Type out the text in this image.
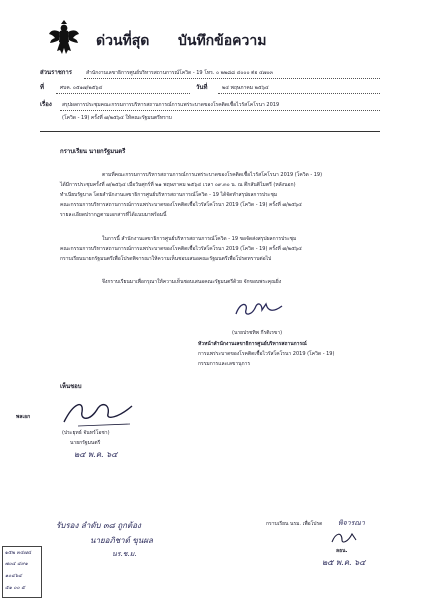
ด่วนที่สุด บันทึกข้อความ
ส่วนราชการ	สำนักงานเลขาธิการศูนย์บริหารสถานการณ์โควิด - 19 โทร. ๐ ๒๒๘๘ ๔๐๐๐ ต่อ ๔๗๐๓
ที่	ศบค. ๐๕๑๗/๒๕๖๔	วันที่	๒๔ พฤษภาคม ๒๕๖๔
เรื่อง สรุปผลการประชุมคณะกรรมการบริหารสถานการณ์การแพร่ระบาดของโรคติดเชื้อไวรัสโคโรนา 2019
(โควิด - 19) ครั้งที่ ๗/๒๕๖๔ ให้คณะรัฐมนตรีทราบ
กราบเรียน นายกรัฐมนตรี
ตามที่คณะกรรมการบริหารสถานการณ์การแพร่ระบาดของโรคติดเชื้อไวรัสโคโรนา 2019 (โควิด - 19)
ได้มีการประชุมครั้งที่ ๗/๒๕๖๔ เมื่อวันศุกร์ที่ ๒๑ พฤษภาคม ๒๕๖๔ เวลา ๐๙.๓๐ น. ณ ตึกสันติไมตรี (หลังนอก)
ทำเนียบรัฐบาล โดยสำนักงานเลขาธิการศูนย์บริหารสถานการณ์โควิด - 19 ได้จัดทำสรุปผลการประชุม
คณะกรรมการบริหารสถานการณ์การแพร่ระบาดของโรคติดเชื้อไวรัสโคโรนา 2019 (โควิด - 19) ครั้งที่ ๗/๒๕๖๔
รายละเอียดปรากฏตามเอกสารที่ได้แนบมาพร้อมนี้
ในการนี้ สำนักงานเลขาธิการศูนย์บริหารสถานการณ์โควิด - 19 ขอจัดส่งสรุปผลการประชุม
คณะกรรมการบริหารสถานการณ์การแพร่ระบาดของโรคติดเชื้อไวรัสโคโรนา 2019 (โควิด - 19) ครั้งที่ ๗/๒๕๖๔
กราบเรียนนายกรัฐมนตรีเพื่อโปรดพิจารณาให้ความเห็นชอบเสนอคณะรัฐมนตรีเพื่อโปรดทราบต่อไป
จึงกราบเรียนมาเพื่อกรุณาให้ความเห็นชอบเสนอคณะรัฐมนตรีด้วย จักขอบพระคุณยิ่ง
(นายปรชทิพ กีรติเรขา)
หัวหน้าสำนักงานเลขาธิการศูนย์บริหารสถานการณ์
การแพร่ระบาดของโรคติดเชื้อไวรัสโคโรนา 2019 (โควิด - 19)
กรรมการและเลขานุการ
เห็นชอบ
พลเอก
(ประยุทธ์ จันทร์โอชา)
นายกรัฐมนตรี
๒๔ พ.ค. ๖๔
รับรอง ลำดับ ๓๘ ถูกต้อง
นายอภิชาต์ ขุนผล
นร.ช.ม.
กราบเรียน นรม. เพื่อโปรด พิจารณา
ลธน.
๒๕ พ.ค. ๖๔
๑๕๒ ๓๔๗๔
๗๐๔ ๔๙๑
๑๐๔๖๔
๕๑ ๐๐ ๕
